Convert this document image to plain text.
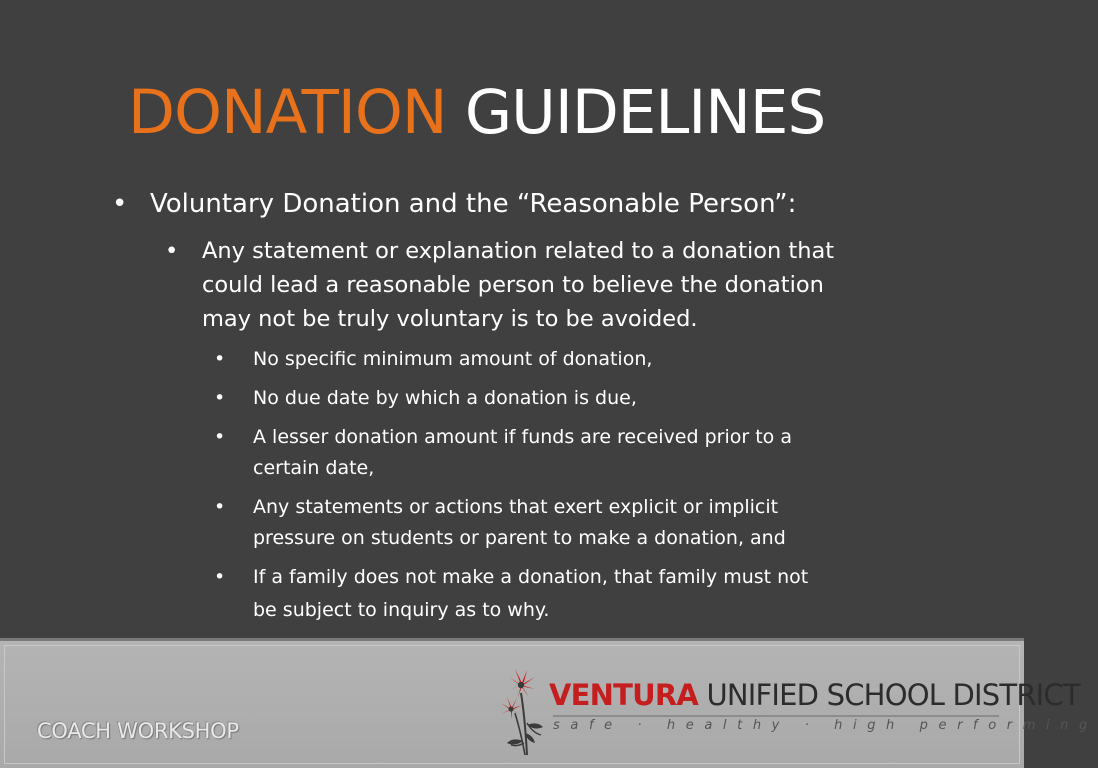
DONATION GUIDELINES
• Voluntary Donation and the “Reasonable Person”:

• Any statement or explanation related to a donation that

could lead a reasonable person to believe the donation

may not be truly voluntary is to be avoided.

• No specific minimum amount of donation,

• No due date by which a donation is due,

• A lesser donation amount if funds are received prior to a

certain date,

• Any statements or actions that exert explicit or implicit

pressure on students or parent to make a donation, and

• If a family does not make a donation, that family must not

be subject to inquiry as to why.

COACH WORKSHOP
VENTURA UNIFIED SCHOOL DISTRICT
safe · healthy · high performing
